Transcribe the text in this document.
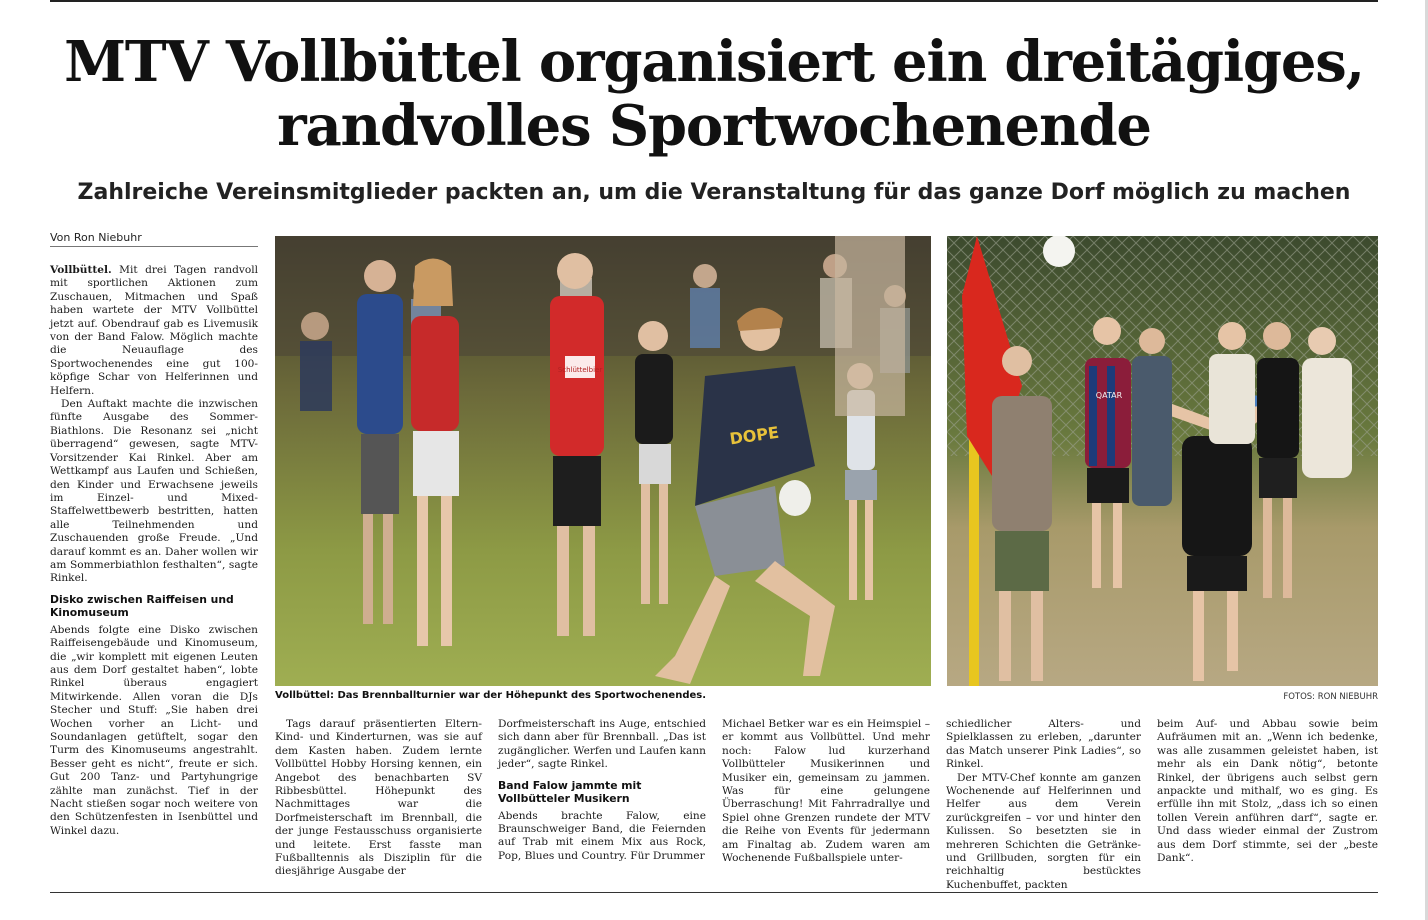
MTV Vollbüttel organisiert ein dreitägiges, randvolles Sportwochenende
Zahlreiche Vereinsmitglieder packten an, um die Veranstaltung für das ganze Dorf möglich zu machen
Von Ron Niebuhr

Vollbüttel. Mit drei Tagen randvoll mit sportlichen Aktionen zum Zuschauen, Mitmachen und Spaß haben wartete der MTV Vollbüttel jetzt auf. Obendrauf gab es Livemusik von der Band Falow. Möglich machte die Neuauflage des Sportwochenendes eine gut 100-köpfige Schar von Helferinnen und Helfern.

Den Auftakt machte die inzwischen fünfte Ausgabe des Sommer-Biathlons. Die Resonanz sei „nicht überragend“ gewesen, sagte MTV-Vorsitzender Kai Rinkel. Aber am Wettkampf aus Laufen und Schießen, den Kinder und Erwachsene jeweils im Einzel- und Mixed-Staffelwettbewerb bestritten, hatten alle Teilnehmenden und Zuschauenden große Freude. „Und darauf kommt es an. Daher wollen wir am Sommerbiathlon festhalten“, sagte Rinkel.

Disko zwischen Raiffeisen und Kinomuseum

Abends folgte eine Disko zwischen Raiffeisengebäude und Kinomuseum, die „wir komplett mit eigenen Leuten aus dem Dorf gestaltet haben“, lobte Rinkel überaus engagiert Mitwirkende. Allen voran die DJs Stecher und Stuff: „Sie haben drei Wochen vorher an Licht- und Soundanlagen getüftelt, sogar den Turm des Kinomuseums angestrahlt. Besser geht es nicht“, freute er sich. Gut 200 Tanz- und Partyhungrige zählte man zunächst. Tief in der Nacht stießen sogar noch weitere von den Schützenfesten in Isenbüttel und Winkel dazu.

Schlüttelbier
DOPE
QATAR
Vollbüttel: Das Brennballturnier war der Höhepunkt des Sportwochenendes.	FOTOS: RON NIEBUHR

Tags darauf präsentierten Eltern-Kind- und Kinderturnen, was sie auf dem Kasten haben. Zudem lernte Vollbüttel Hobby Horsing kennen, ein Angebot des benachbarten SV Ribbesbüttel. Höhepunkt des Nachmittages war die Dorfmeisterschaft im Brennball, die der junge Festausschuss organisierte und leitete. Erst fasste man Fußballtennis als Disziplin für die diesjährige Ausgabe der

Dorfmeisterschaft ins Auge, entschied sich dann aber für Brennball. „Das ist zugänglicher. Werfen und Laufen kann jeder“, sagte Rinkel.

Band Falow jammte mit Vollbütteler Musikern

Abends brachte Falow, eine Braunschweiger Band, die Feiernden auf Trab mit einem Mix aus Rock, Pop, Blues und Country. Für Drummer

Michael Betker war es ein Heimspiel – er kommt aus Vollbüttel. Und mehr noch: Falow lud kurzerhand Vollbütteler Musikerinnen und Musiker ein, gemeinsam zu jammen. Was für eine gelungene Überraschung! Mit Fahrradrallye und Spiel ohne Grenzen rundete der MTV die Reihe von Events für jedermann am Finaltag ab. Zudem waren am Wochenende Fußballspiele unter-

schiedlicher Alters- und Spielklassen zu erleben, „darunter das Match unserer Pink Ladies“, so Rinkel.

Der MTV-Chef konnte am ganzen Wochenende auf Helferinnen und Helfer aus dem Verein zurückgreifen – vor und hinter den Kulissen. So besetzten sie in mehreren Schichten die Getränke- und Grillbuden, sorgten für ein reichhaltig bestücktes Kuchenbuffet, packten

beim Auf- und Abbau sowie beim Aufräumen mit an. „Wenn ich bedenke, was alle zusammen geleistet haben, ist mehr als ein Dank nötig“, betonte Rinkel, der übrigens auch selbst gern anpackte und mithalf, wo es ging. Es erfülle ihn mit Stolz, „dass ich so einen tollen Verein anführen darf“, sagte er. Und dass wieder einmal der Zustrom aus dem Dorf stimmte, sei der „beste Dank“.
